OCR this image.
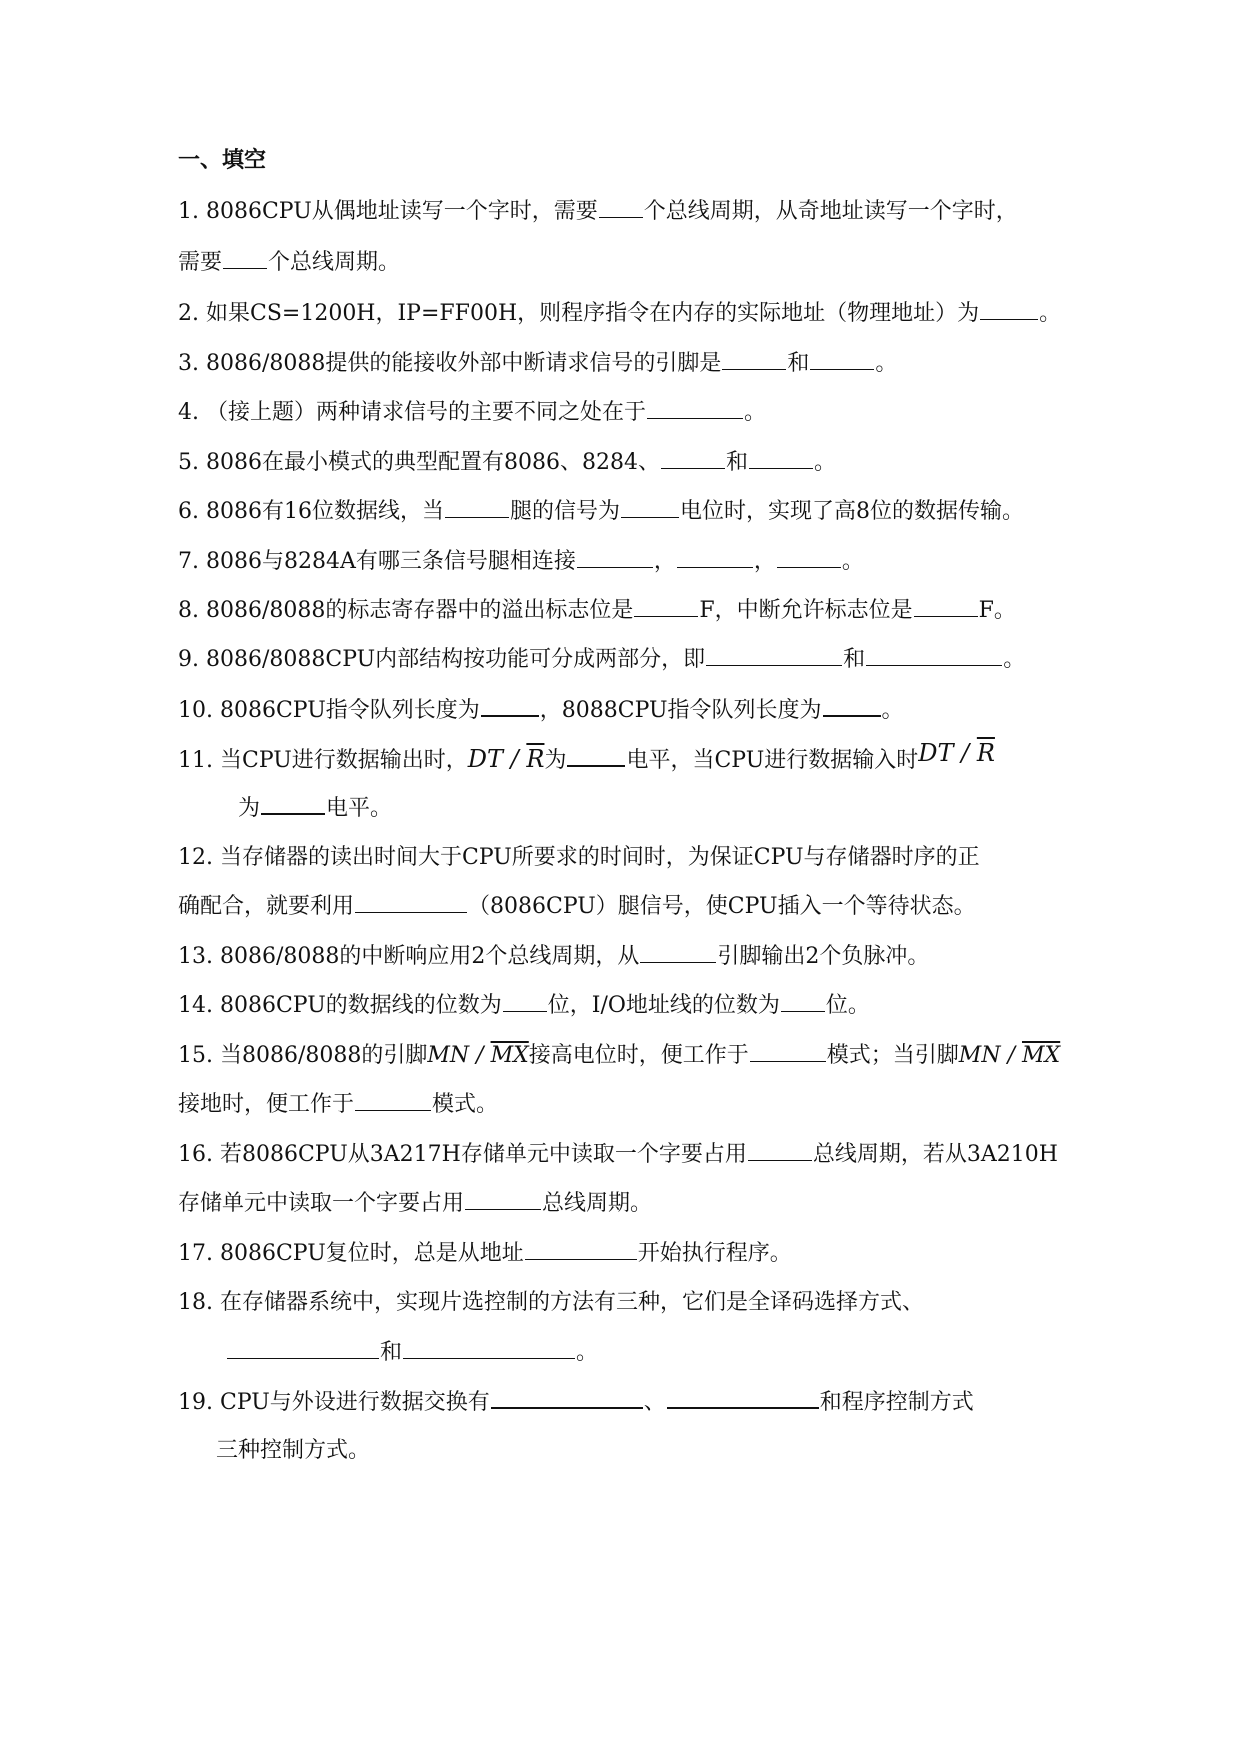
一、填空
1. 8086CPU从偶地址读写一个字时，需要 个总线周期，从奇地址读写一个字时，
需要 个总线周期。
2. 如果CS=1200H，IP=FF00H，则程序指令在内存的实际地址（物理地址）为	。
3. 8086/8088提供的能接收外部中断请求信号的引脚是	和	。
4. （接上题）两种请求信号的主要不同之处在于	。
5. 8086在最小模式的典型配置有8086、8284、	和	。
6. 8086有16位数据线，当	腿的信号为	电位时，实现了高8位的数据传输。
7. 8086与8284A有哪三条信号腿相连接	，	，	。
8. 8086/8088的标志寄存器中的溢出标志位是	F，中断允许标志位是	F。
9. 8086/8088CPU内部结构按功能可分成两部分，即	和	。
10. 8086CPU指令队列长度为	，8088CPU指令队列长度为	。
11. 当CPU进行数据输出时，DT / $\overline{R}$为	电平，当CPU进行数据输入时DT / $\overline{R}$
为	电平。
12. 当存储器的读出时间大于CPU所要求的时间时，为保证CPU与存储器时序的正
确配合，就要利用	（8086CPU）腿信号，使CPU插入一个等待状态。
13. 8086/8088的中断响应用2个总线周期，从	引脚输出2个负脉冲。
14. 8086CPU的数据线的位数为 位，I/O地址线的位数为 位。
15. 当8086/8088的引脚MN / $\overline{MX}$接高电位时，便工作于	模式；当引脚MN / $\overline{MX}$
接地时，便工作于	模式。
16. 若8086CPU从3A217H存储单元中读取一个字要占用	总线周期，若从3A210H
存储单元中读取一个字要占用	总线周期。
17. 8086CPU复位时，总是从地址	开始执行程序。
18. 在存储器系统中，实现片选控制的方法有三种，它们是全译码选择方式、
和	。
19. CPU与外设进行数据交换有	、	和程序控制方式
三种控制方式。
